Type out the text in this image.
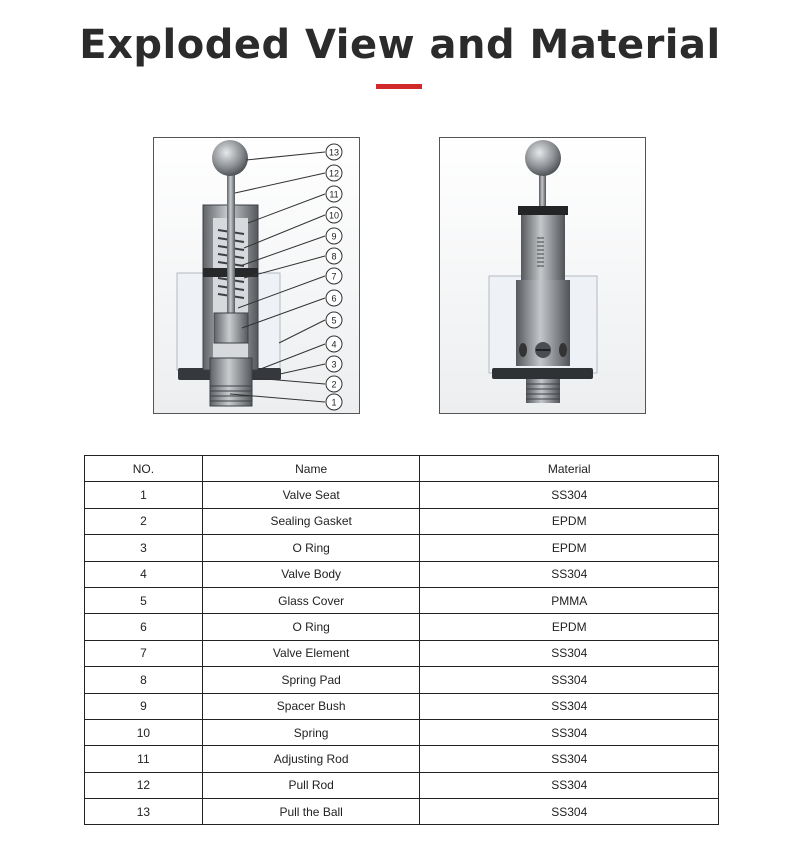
Exploded View and Material
13
12
11
10
9
8
7
6
5
4
3
2
1
NO.	Name	Material
1	Valve Seat	SS304
2	Sealing Gasket	EPDM
3	O Ring	EPDM
4	Valve Body	SS304
5	Glass Cover	PMMA
6	O Ring	EPDM
7	Valve Element	SS304
8	Spring Pad	SS304
9	Spacer Bush	SS304
10	Spring	SS304
11	Adjusting Rod	SS304
12	Pull Rod	SS304
13	Pull the Ball	SS304
